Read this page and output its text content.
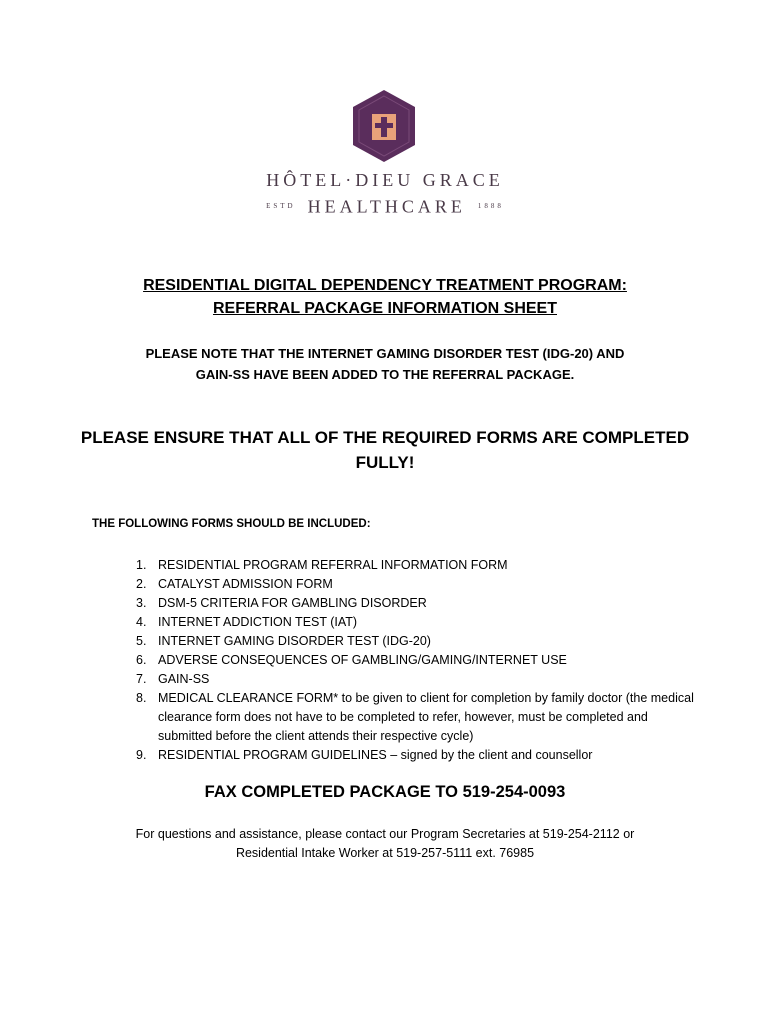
HÔTEL·DIEU GRACE
ESTD HEALTHCARE 1888
RESIDENTIAL DIGITAL DEPENDENCY TREATMENT PROGRAM:
REFERRAL PACKAGE INFORMATION SHEET
PLEASE NOTE THAT THE INTERNET GAMING DISORDER TEST (IDG-20) AND
GAIN-SS HAVE BEEN ADDED TO THE REFERRAL PACKAGE.
PLEASE ENSURE THAT ALL OF THE REQUIRED FORMS ARE COMPLETED
FULLY!
THE FOLLOWING FORMS SHOULD BE INCLUDED:
1. RESIDENTIAL PROGRAM REFERRAL INFORMATION FORM
2. CATALYST ADMISSION FORM
3. DSM-5 CRITERIA FOR GAMBLING DISORDER
4. INTERNET ADDICTION TEST (IAT)
5. INTERNET GAMING DISORDER TEST (IDG-20)
6. ADVERSE CONSEQUENCES OF GAMBLING/GAMING/INTERNET USE
7. GAIN-SS
8. MEDICAL CLEARANCE FORM* to be given to client for completion by family doctor (the medical clearance form does not have to be completed to refer, however, must be completed and submitted before the client attends their respective cycle)
9. RESIDENTIAL PROGRAM GUIDELINES – signed by the client and counsellor
FAX COMPLETED PACKAGE TO 519-254-0093
For questions and assistance, please contact our Program Secretaries at 519-254-2112 or
Residential Intake Worker at 519-257-5111 ext. 76985
